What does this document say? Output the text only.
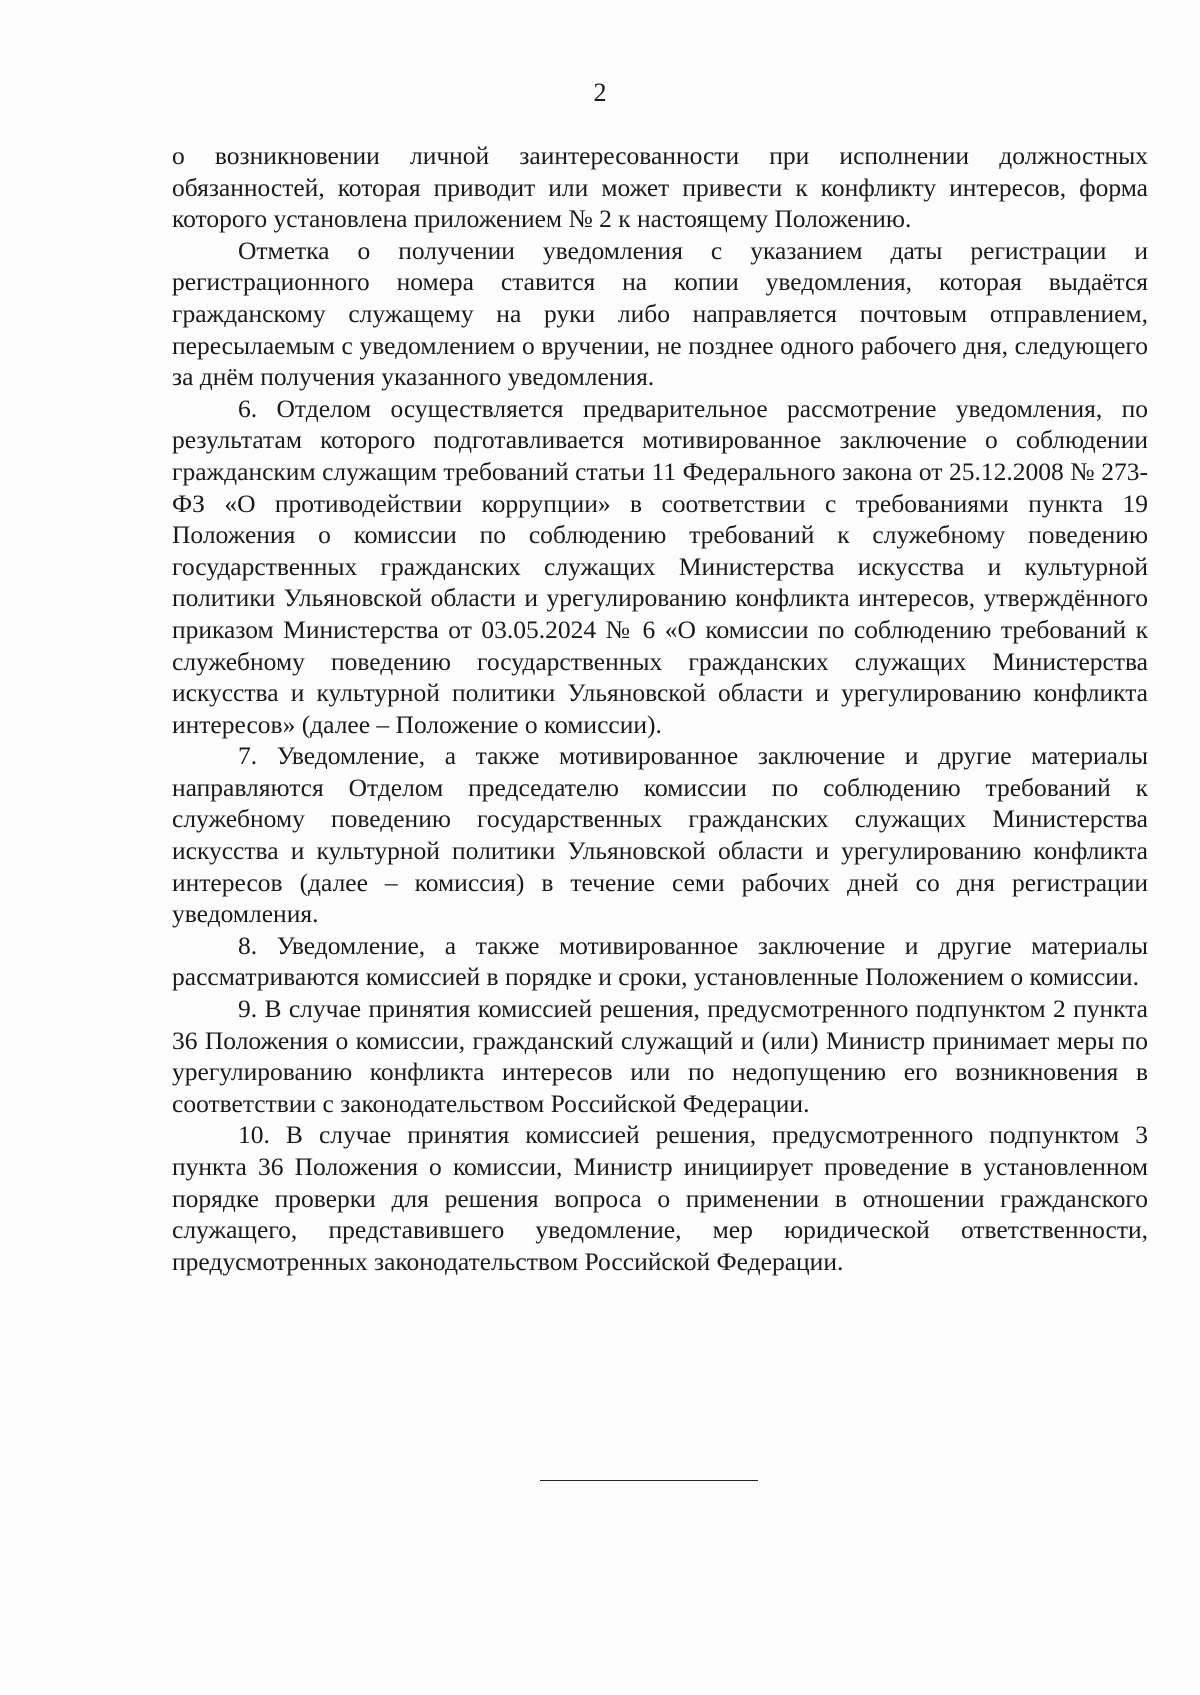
2

о возникновении личной заинтересованности при исполнении должностных обязанностей, которая приводит или может привести к конфликту интересов, форма которого установлена приложением № 2 к настоящему Положению.

Отметка о получении уведомления с указанием даты регистрации и регистрационного номера ставится на копии уведомления, которая выдаётся гражданскому служащему на руки либо направляется почтовым отправлением, пересылаемым с уведомлением о вручении, не позднее одного рабочего дня, следующего за днём получения указанного уведомления.

6. Отделом осуществляется предварительное рассмотрение уведомления, по результатам которого подготавливается мотивированное заключение о соблюдении гражданским служащим требований статьи 11 Федерального закона от 25.12.2008 № 273-ФЗ «О противодействии коррупции» в соответствии с требованиями пункта 19 Положения о комиссии по соблюдению требований к служебному поведению государственных гражданских служащих Министерства искусства и культурной политики Ульяновской области и урегулированию конфликта интересов, утверждённого приказом Министерства от 03.05.2024 № 6 «О комиссии по соблюдению требований к служебному поведению государственных гражданских служащих Министерства искусства и культурной политики Ульяновской области и урегулированию конфликта интересов» (далее – Положение о комиссии).

7. Уведомление, а также мотивированное заключение и другие материалы направляются Отделом председателю комиссии по соблюдению требований к служебному поведению государственных гражданских служащих Министерства искусства и культурной политики Ульяновской области и урегулированию конфликта интересов (далее – комиссия) в течение семи рабочих дней со дня регистрации уведомления.

8. Уведомление, а также мотивированное заключение и другие материалы рассматриваются комиссией в порядке и сроки, установленные Положением о комиссии.

9. В случае принятия комиссией решения, предусмотренного подпунктом 2 пункта 36 Положения о комиссии, гражданский служащий и (или) Министр принимает меры по урегулированию конфликта интересов или по недопущению его возникновения в соответствии с законодательством Российской Федерации.

10. В случае принятия комиссией решения, предусмотренного подпунктом 3 пункта 36 Положения о комиссии, Министр инициирует проведение в установленном порядке проверки для решения вопроса о применении в отношении гражданского служащего, представившего уведомление, мер юридической ответственности, предусмотренных законодательством Российской Федерации.
